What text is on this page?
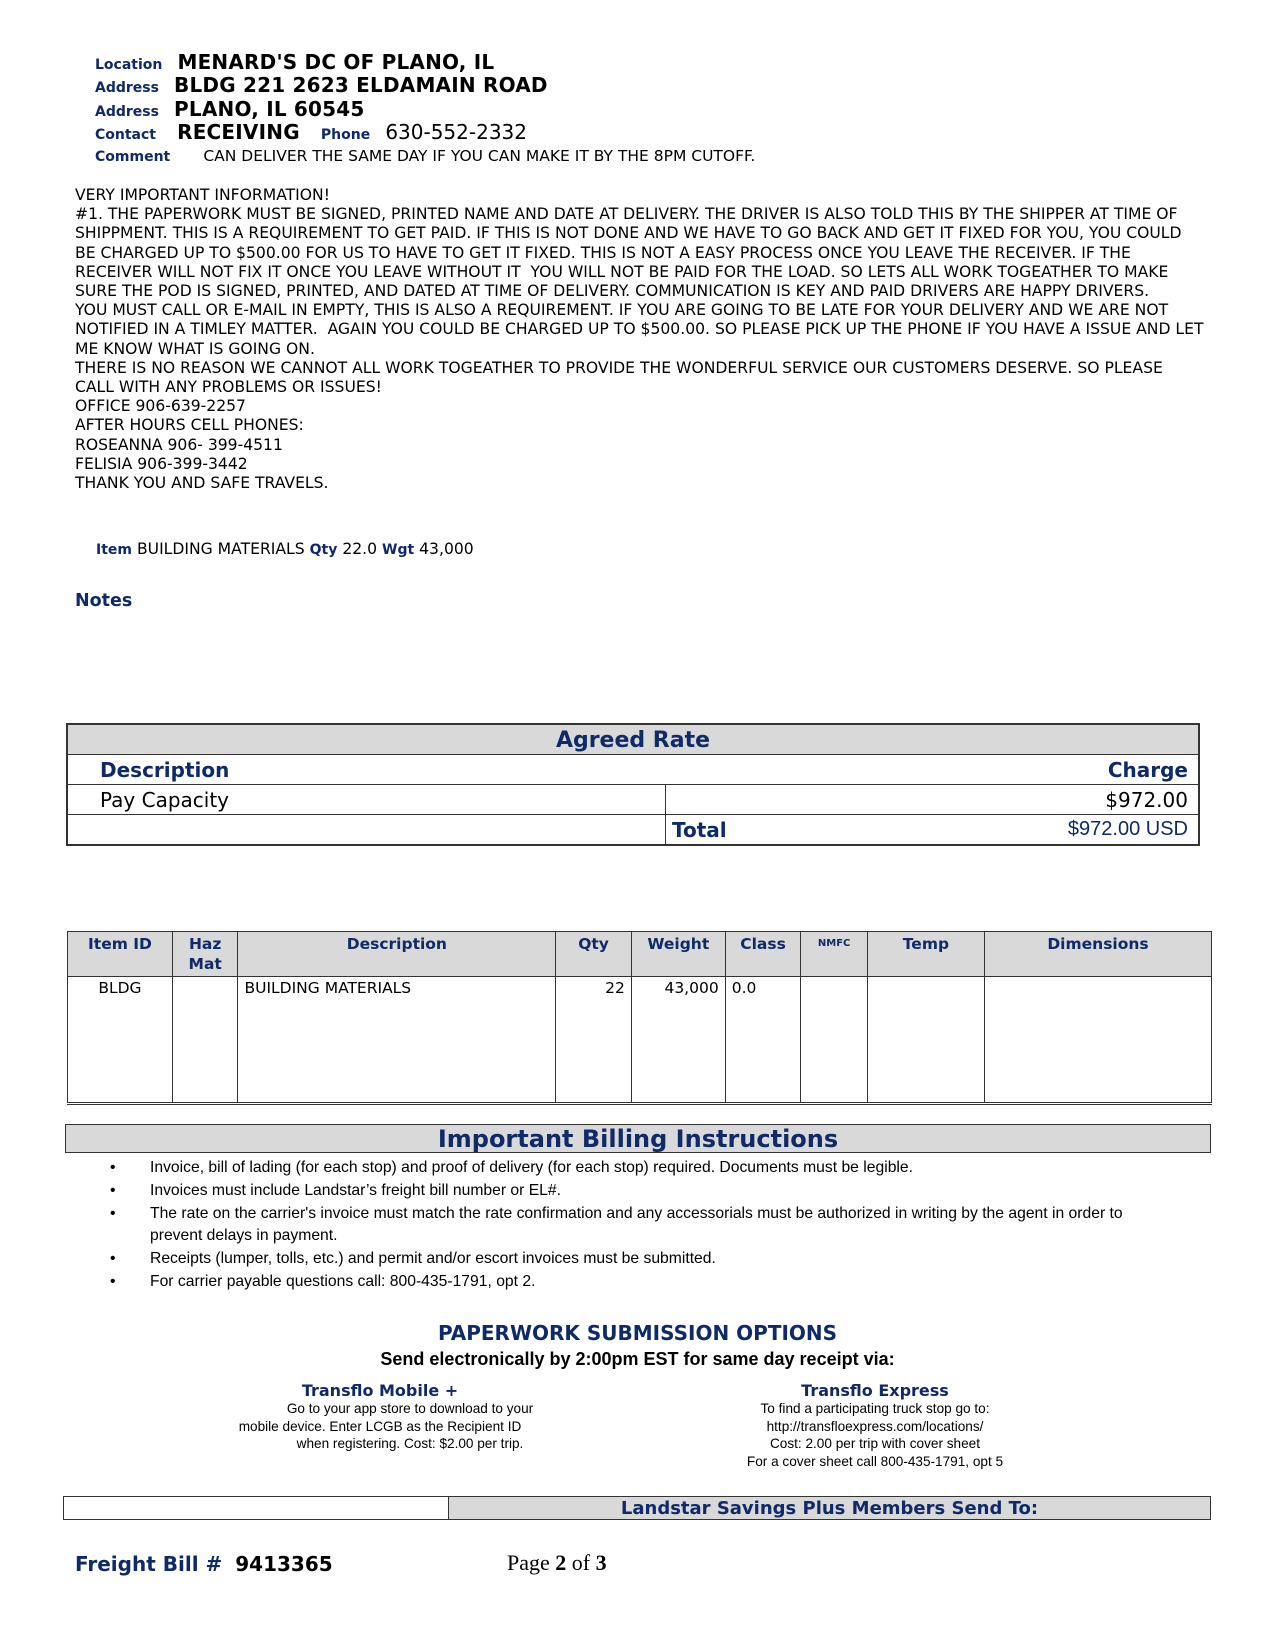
Location MENARD'S DC OF PLANO, IL
Address BLDG 221 2623 ELDAMAIN ROAD
Address PLANO, IL 60545
Contact RECEIVING Phone 630-552-2332
Comment CAN DELIVER THE SAME DAY IF YOU CAN MAKE IT BY THE 8PM CUTOFF.
VERY IMPORTANT INFORMATION!
#1. THE PAPERWORK MUST BE SIGNED, PRINTED NAME AND DATE AT DELIVERY. THE DRIVER IS ALSO TOLD THIS BY THE SHIPPER AT TIME OF SHIPPMENT. THIS IS A REQUIREMENT TO GET PAID. IF THIS IS NOT DONE AND WE HAVE TO GO BACK AND GET IT FIXED FOR YOU, YOU COULD BE CHARGED UP TO $500.00 FOR US TO HAVE TO GET IT FIXED. THIS IS NOT A EASY PROCESS ONCE YOU LEAVE THE RECEIVER. IF THE RECEIVER WILL NOT FIX IT ONCE YOU LEAVE WITHOUT IT  YOU WILL NOT BE PAID FOR THE LOAD. SO LETS ALL WORK TOGEATHER TO MAKE SURE THE POD IS SIGNED, PRINTED, AND DATED AT TIME OF DELIVERY. COMMUNICATION IS KEY AND PAID DRIVERS ARE HAPPY DRIVERS.
YOU MUST CALL OR E-MAIL IN EMPTY, THIS IS ALSO A REQUIREMENT. IF YOU ARE GOING TO BE LATE FOR YOUR DELIVERY AND WE ARE NOT NOTIFIED IN A TIMLEY MATTER.  AGAIN YOU COULD BE CHARGED UP TO $500.00. SO PLEASE PICK UP THE PHONE IF YOU HAVE A ISSUE AND LET ME KNOW WHAT IS GOING ON.
THERE IS NO REASON WE CANNOT ALL WORK TOGEATHER TO PROVIDE THE WONDERFUL SERVICE OUR CUSTOMERS DESERVE. SO PLEASE CALL WITH ANY PROBLEMS OR ISSUES!
OFFICE 906-639-2257
AFTER HOURS CELL PHONES:
ROSEANNA 906- 399-4511
FELISIA 906-399-3442
THANK YOU AND SAFE TRAVELS.
Item BUILDING MATERIALS Qty 22.0 Wgt 43,000
Notes
Agreed Rate
Description	Charge
Pay Capacity	$972.00
Total	$972.00 USD
Item ID	Haz Mat	Description	Qty	Weight	Class	NMFC	Temp	Dimensions
BLDG		BUILDING MATERIALS	22	43,000	0.0			
Important Billing Instructions
• Invoice, bill of lading (for each stop) and proof of delivery (for each stop) required. Documents must be legible.
• Invoices must include Landstar’s freight bill number or EL#.
• The rate on the carrier's invoice must match the rate confirmation and any accessorials must be authorized in writing by the agent in order to prevent delays in payment.
• Receipts (lumper, tolls, etc.) and permit and/or escort invoices must be submitted.
• For carrier payable questions call: 800-435-1791, opt 2.
PAPERWORK SUBMISSION OPTIONS
Send electronically by 2:00pm EST for same day receipt via:
Transflo Mobile +
Go to your app store to download to your
mobile device. Enter LCGB as the Recipient ID
when registering. Cost: $2.00 per trip.
Transflo Express
To find a participating truck stop go to:
http://transfloexpress.com/locations/
Cost: 2.00 per trip with cover sheet
For a cover sheet call 800-435-1791, opt 5
Landstar Savings Plus Members Send To:
Freight Bill # 9413365	Page 2 of 3
